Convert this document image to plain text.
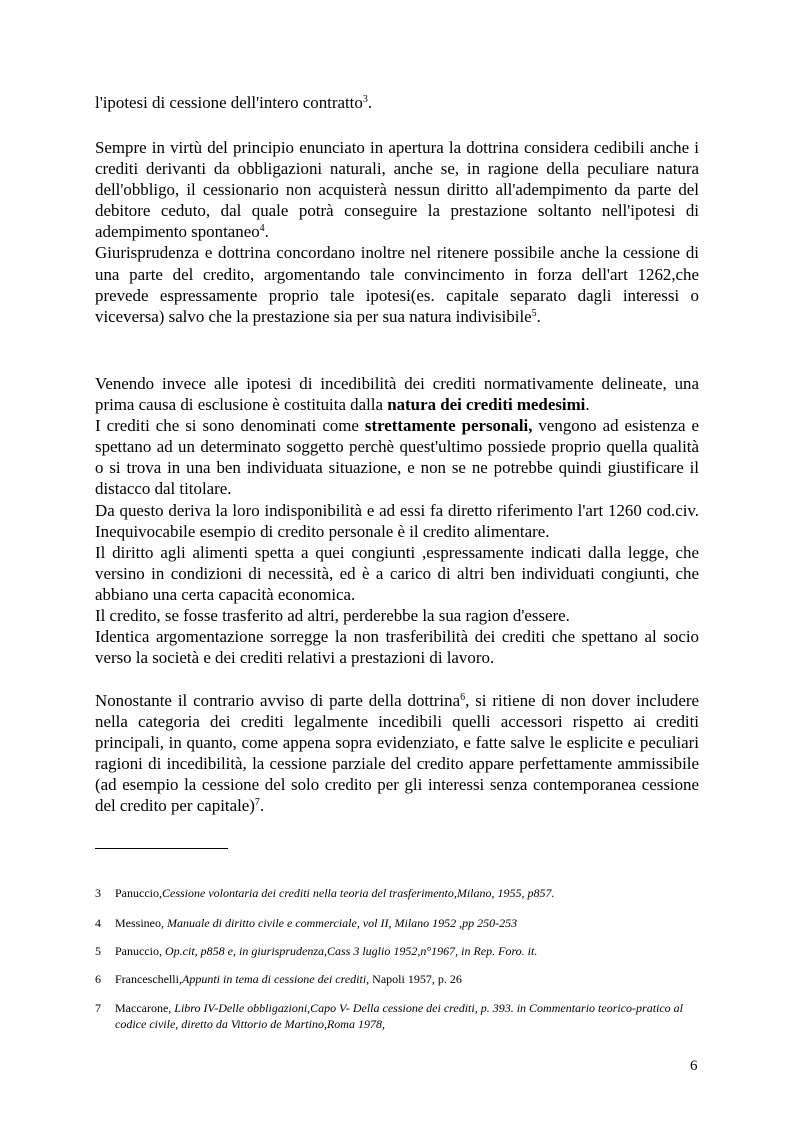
l'ipotesi di cessione dell'intero contratto$^3$.

Sempre in virtù del principio enunciato in apertura la dottrina considera cedibili anche i crediti derivanti da obbligazioni naturali, anche se, in ragione della peculiare natura dell'obbligo, il cessionario non acquisterà nessun diritto all'adempimento da parte del debitore ceduto, dal quale potrà conseguire la prestazione soltanto nell'ipotesi di adempimento spontaneo$^4$.

Giurisprudenza e dottrina concordano inoltre nel ritenere possibile anche la cessione di una parte del credito, argomentando tale convincimento in forza dell'art 1262,che prevede espressamente proprio tale ipotesi(es. capitale separato dagli interessi o viceversa) salvo che la prestazione sia per sua natura indivisibile$^5$.

Venendo invece alle ipotesi di incedibilità dei crediti normativamente delineate, una prima causa di esclusione è costituita dalla natura dei crediti medesimi.

I crediti che si sono denominati come strettamente personali, vengono ad esistenza e spettano ad un determinato soggetto perchè quest'ultimo possiede proprio quella qualità o si trova in una ben individuata situazione, e non se ne potrebbe quindi giustificare il distacco dal titolare.

Da questo deriva la loro indisponibilità e ad essi fa diretto riferimento l'art 1260 cod.civ. Inequivocabile esempio di credito personale è il credito alimentare.

Il diritto agli alimenti spetta a quei congiunti ,espressamente indicati dalla legge, che versino in condizioni di necessità, ed è a carico di altri ben individuati congiunti, che abbiano una certa capacità economica.

Il credito, se fosse trasferito ad altri, perderebbe la sua ragion d'essere.

Identica argomentazione sorregge la non trasferibilità dei crediti che spettano al socio verso la società e dei crediti relativi a prestazioni di lavoro.

Nonostante il contrario avviso di parte della dottrina$^6$, si ritiene di non dover includere nella categoria dei crediti legalmente incedibili quelli accessori rispetto ai crediti principali, in quanto, come appena sopra evidenziato, e fatte salve le esplicite e peculiari ragioni di incedibilità, la cessione parziale del credito appare perfettamente ammissibile (ad esempio la cessione del solo credito per gli interessi senza contemporanea cessione del credito per capitale)$^7$.

3	Panuccio,Cessione volontaria dei crediti nella teoria del trasferimento,Milano, 1955, p857.
4	Messineo, Manuale di diritto civile e commerciale, vol II, Milano 1952 ,pp 250-253
5	Panuccio, Op.cit, p858 e, in giurisprudenza,Cass 3 luglio 1952,n°1967, in Rep. Foro. it.
6	Franceschelli,Appunti in tema di cessione dei crediti, Napoli 1957, p. 26
7	Maccarone, Libro IV-Delle obbligazioni,Capo V- Della cessione dei crediti, p. 393. in Commentario teorico-pratico al codice civile, diretto da Vittorio de Martino,Roma 1978,
6
